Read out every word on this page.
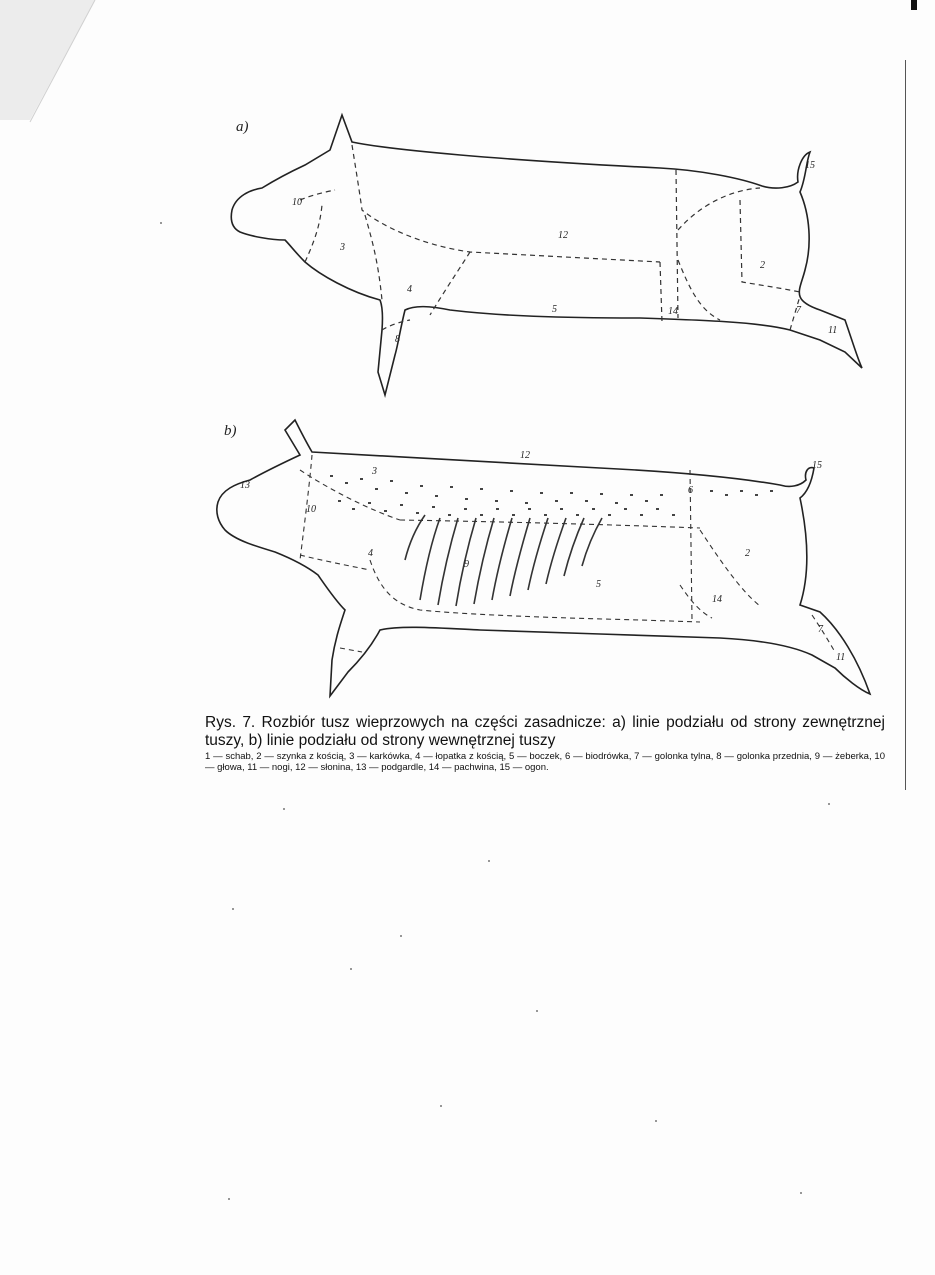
a)
10
3
4
5
8
12
14
2
7
11
15
b)
13
10
3
4
9
6
12
15
2
5
14
7
11
Rys. 7. Rozbiór tusz wieprzowych na części zasadnicze: a) linie podziału od strony zewnętrznej tuszy, b) linie podziału od strony wewnętrznej tuszy
1 — schab, 2 — szynka z kością, 3 — karkówka, 4 — łopatka z kością, 5 — boczek, 6 — biodrówka, 7 — golonka tylna, 8 — golonka przednia, 9 — żeberka, 10 — głowa, 11 — nogi, 12 — słonina, 13 — podgardle, 14 — pachwina, 15 — ogon.
